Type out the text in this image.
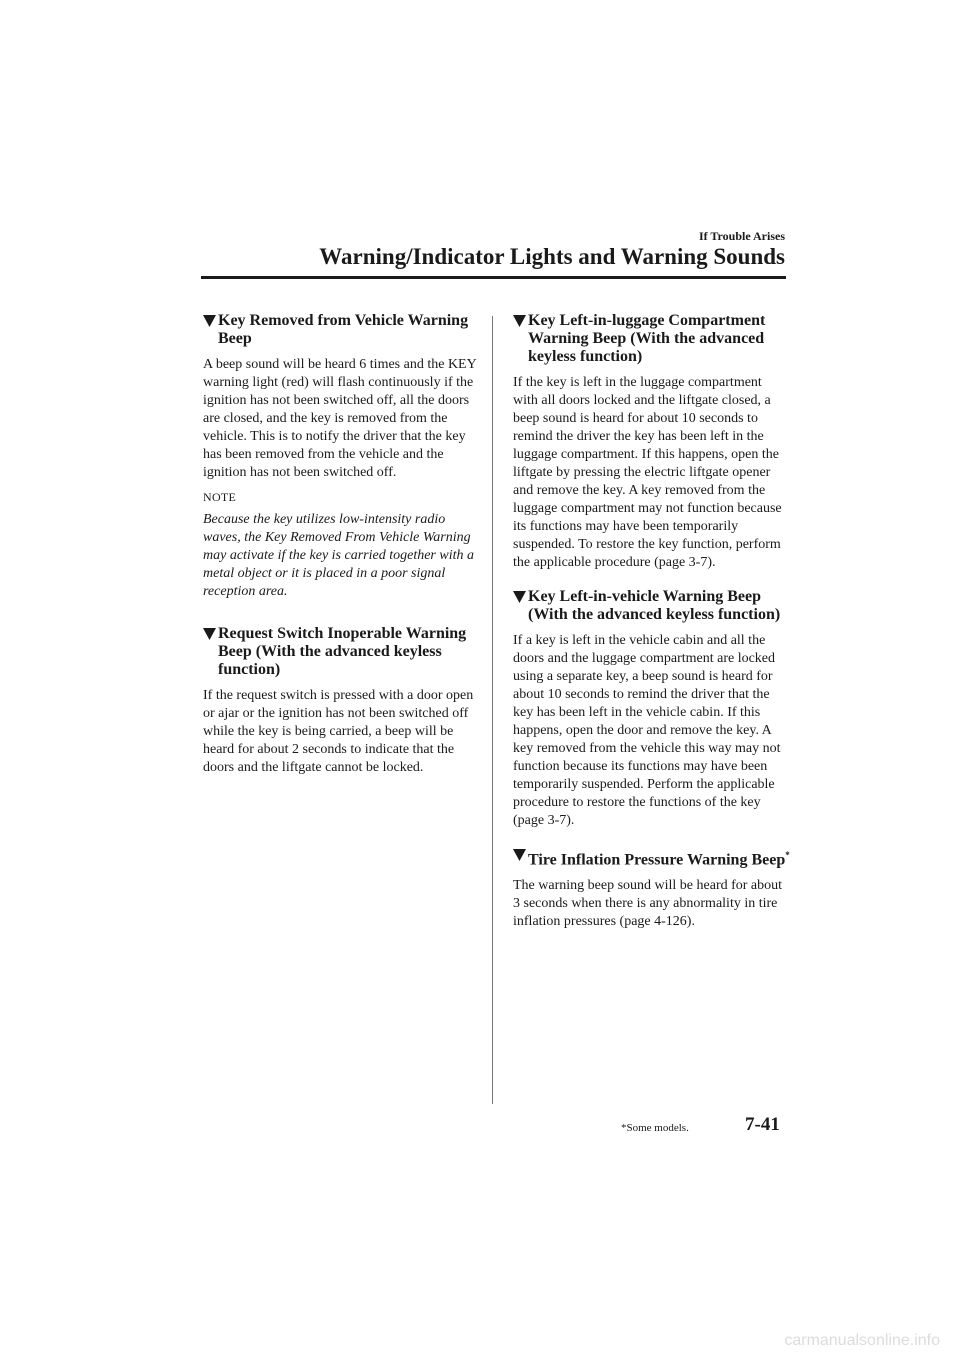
If Trouble Arises
Warning/Indicator Lights and Warning Sounds
Key Removed from Vehicle Warning Beep

A beep sound will be heard 6 times and the KEY warning light (red) will flash continuously if the ignition has not been switched off, all the doors are closed, and the key is removed from the vehicle. This is to notify the driver that the key has been removed from the vehicle and the ignition has not been switched off.

NOTE

Because the key utilizes low-intensity radio waves, the Key Removed From Vehicle Warning may activate if the key is carried together with a metal object or it is placed in a poor signal reception area.

Request Switch Inoperable Warning Beep (With the advanced keyless function)

If the request switch is pressed with a door open or ajar or the ignition has not been switched off while the key is being carried, a beep will be heard for about 2 seconds to indicate that the doors and the liftgate cannot be locked.

Key Left-in-luggage Compartment Warning Beep (With the advanced keyless function)

If the key is left in the luggage compartment with all doors locked and the liftgate closed, a beep sound is heard for about 10 seconds to remind the driver the key has been left in the luggage compartment. If this happens, open the liftgate by pressing the electric liftgate opener and remove the key. A key removed from the luggage compartment may not function because its functions may have been temporarily suspended. To restore the key function, perform the applicable procedure (page 3-7).

Key Left-in-vehicle Warning Beep (With the advanced keyless function)

If a key is left in the vehicle cabin and all the doors and the luggage compartment are locked using a separate key, a beep sound is heard for about 10 seconds to remind the driver that the key has been left in the vehicle cabin. If this happens, open the door and remove the key. A key removed from the vehicle this way may not function because its functions may have been temporarily suspended. Perform the applicable procedure to restore the functions of the key (page 3-7).

Tire Inflation Pressure Warning Beep*

The warning beep sound will be heard for about 3 seconds when there is any abnormality in tire inflation pressures (page 4-126).

*Some models.	7-41
carmanualsonline.info
